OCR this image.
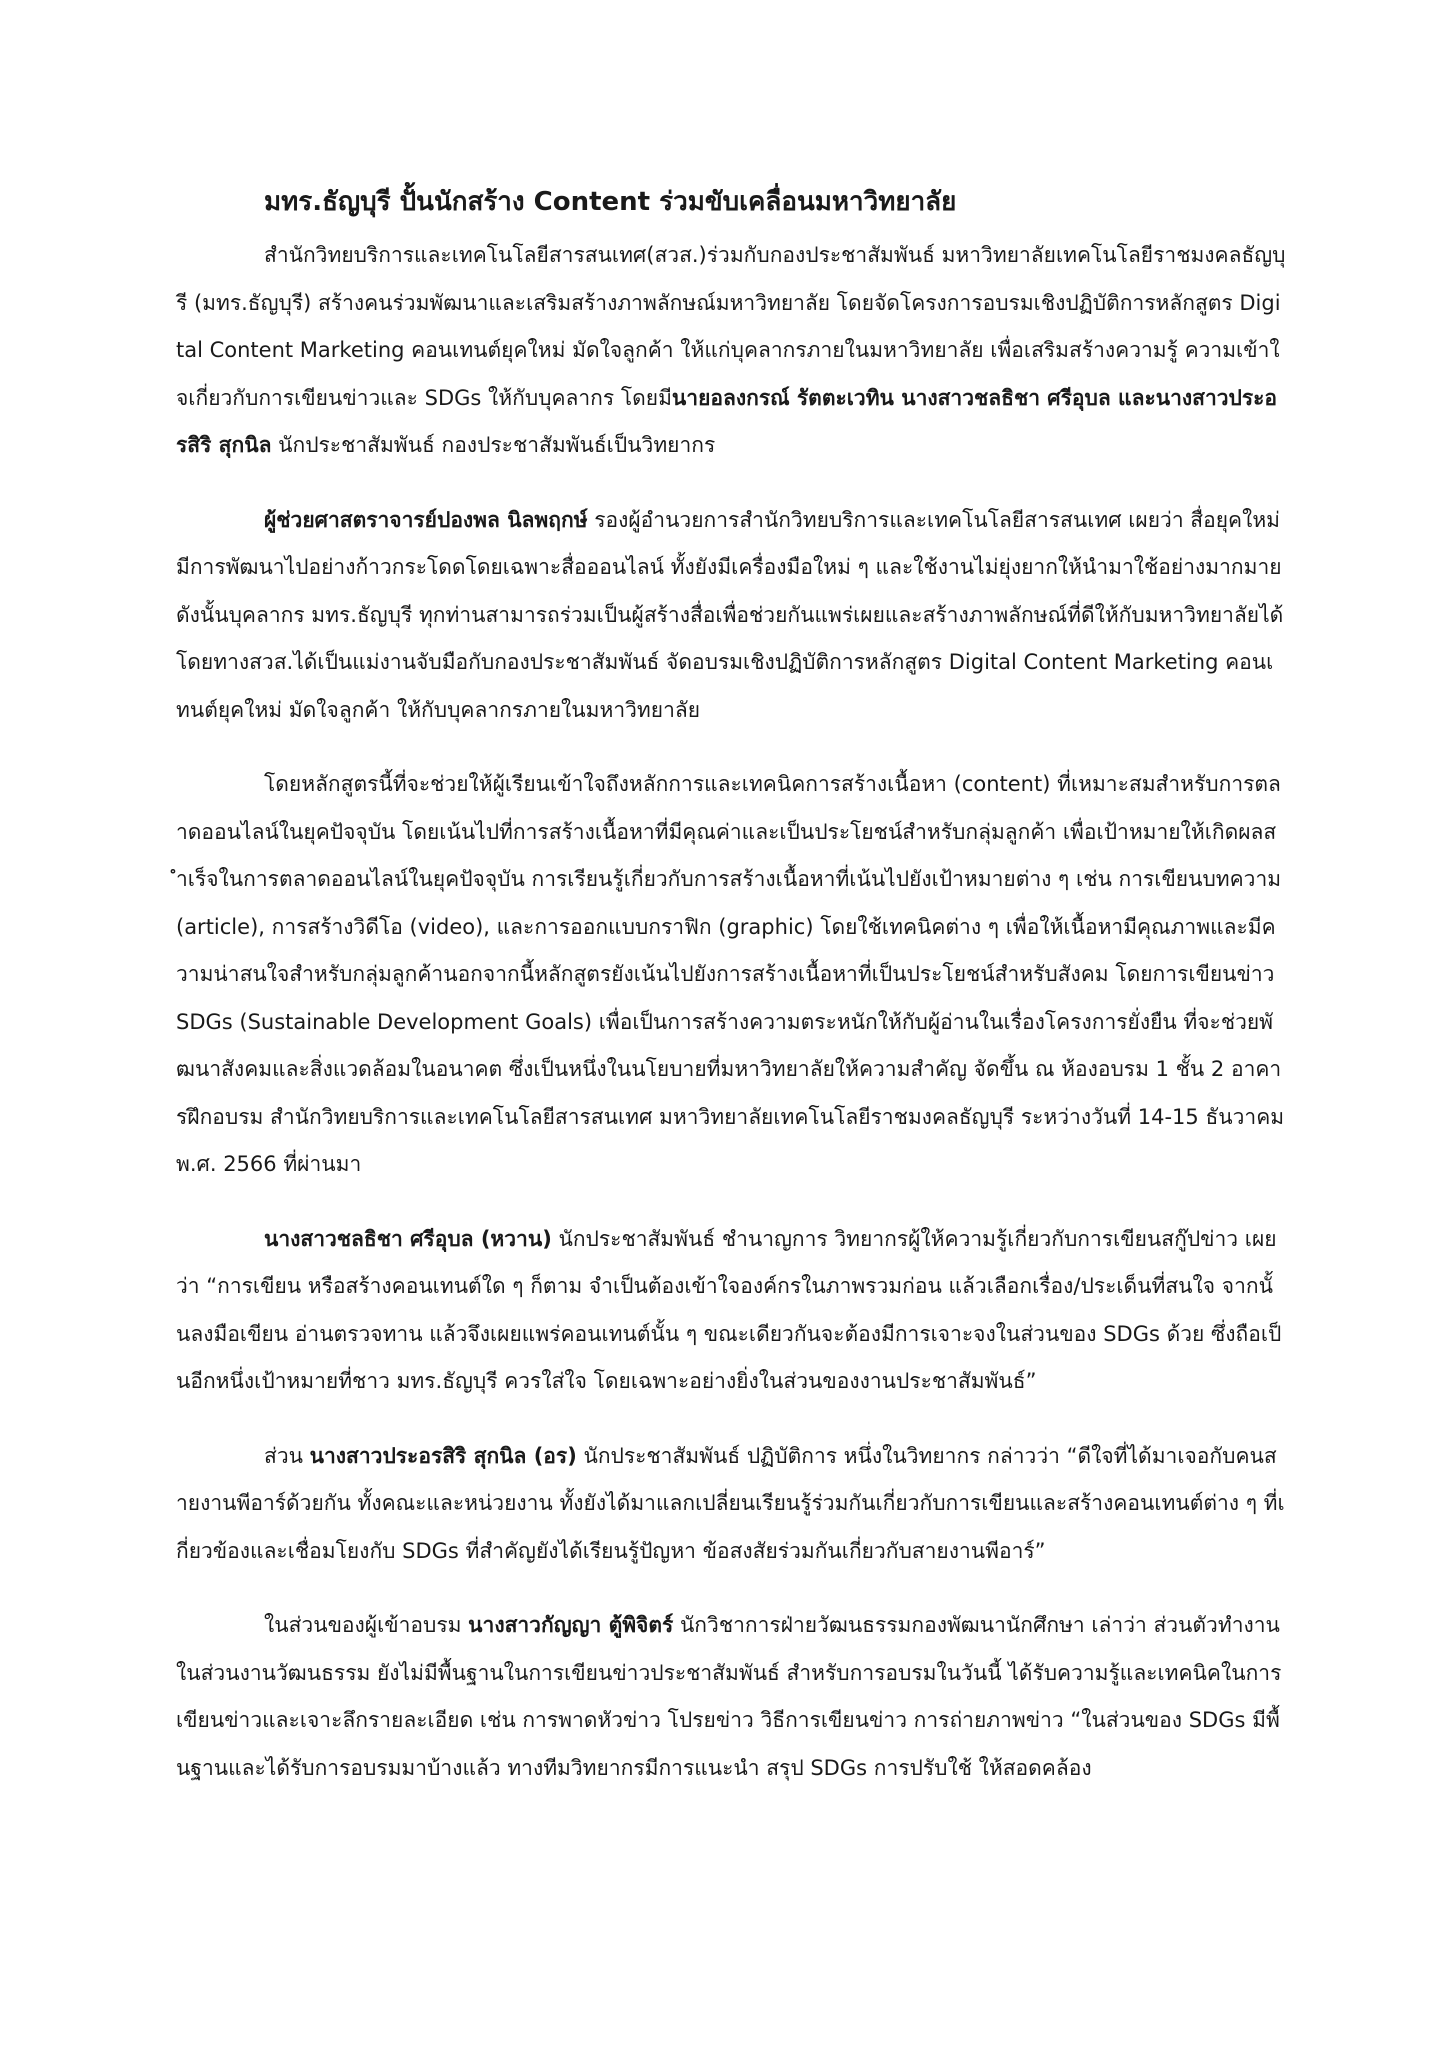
มทร.ธัญบุรี ปั้นนักสร้าง Content ร่วมขับเคลื่อนมหาวิทยาลัย

สำนักวิทยบริการและเทคโนโลยีสารสนเทศ(สวส.)ร่วมกับกองประชาสัมพันธ์ มหาวิทยาลัยเทคโนโลยีราชมงคลธัญบุรี (มทร.ธัญบุรี) สร้างคนร่วมพัฒนาและเสริมสร้างภาพลักษณ์มหาวิทยาลัย โดยจัดโครงการอบรมเชิงปฏิบัติการหลักสูตร Digital Content Marketing คอนเทนต์ยุคใหม่ มัดใจลูกค้า ให้แก่บุคลากรภายในมหาวิทยาลัย เพื่อเสริมสร้างความรู้ ความเข้าใจเกี่ยวกับการเขียนข่าวและ SDGs ให้กับบุคลากร โดยมีนายอลงกรณ์ รัตตะเวทิน นางสาวชลธิชา ศรีอุบล และนางสาวประอรสิริ สุกนิล นักประชาสัมพันธ์ กองประชาสัมพันธ์เป็นวิทยากร

ผู้ช่วยศาสตราจารย์ปองพล นิลพฤกษ์ รองผู้อำนวยการสำนักวิทยบริการและเทคโนโลยีสารสนเทศ เผยว่า สื่อยุคใหม่มีการพัฒนาไปอย่างก้าวกระโดดโดยเฉพาะสื่อออนไลน์ ทั้งยังมีเครื่องมือใหม่ ๆ และใช้งานไม่ยุ่งยากให้นำมาใช้อย่างมากมาย ดังนั้นบุคลากร มทร.ธัญบุรี ทุกท่านสามารถร่วมเป็นผู้สร้างสื่อเพื่อช่วยกันแพร่เผยและสร้างภาพลักษณ์ที่ดีให้กับมหาวิทยาลัยได้โดยทางสวส.ได้เป็นแม่งานจับมือกับกองประชาสัมพันธ์ จัดอบรมเชิงปฏิบัติการหลักสูตร Digital Content Marketing คอนเทนต์ยุคใหม่ มัดใจลูกค้า ให้กับบุคลากรภายในมหาวิทยาลัย

โดยหลักสูตรนี้ที่จะช่วยให้ผู้เรียนเข้าใจถึงหลักการและเทคนิคการสร้างเนื้อหา (content) ที่เหมาะสมสำหรับการตลาดออนไลน์ในยุคปัจจุบัน โดยเน้นไปที่การสร้างเนื้อหาที่มีคุณค่าและเป็นประโยชน์สำหรับกลุ่มลูกค้า เพื่อเป้าหมายให้เกิดผลสำเร็จในการตลาดออนไลน์ในยุคปัจจุบัน การเรียนรู้เกี่ยวกับการสร้างเนื้อหาที่เน้นไปยังเป้าหมายต่าง ๆ เช่น การเขียนบทความ (article), การสร้างวิดีโอ (video), และการออกแบบกราฟิก (graphic) โดยใช้เทคนิคต่าง ๆ เพื่อให้เนื้อหามีคุณภาพและมีความน่าสนใจสำหรับกลุ่มลูกค้านอกจากนี้หลักสูตรยังเน้นไปยังการสร้างเนื้อหาที่เป็นประโยชน์สำหรับสังคม โดยการเขียนข่าว SDGs (Sustainable Development Goals) เพื่อเป็นการสร้างความตระหนักให้กับผู้อ่านในเรื่องโครงการยั่งยืน ที่จะช่วยพัฒนาสังคมและสิ่งแวดล้อมในอนาคต ซึ่งเป็นหนึ่งในนโยบายที่มหาวิทยาลัยให้ความสำคัญ จัดขึ้น ณ ห้องอบรม 1 ชั้น 2 อาคารฝึกอบรม สำนักวิทยบริการและเทคโนโลยีสารสนเทศ มหาวิทยาลัยเทคโนโลยีราชมงคลธัญบุรี ระหว่างวันที่ 14-15 ธันวาคม พ.ศ. 2566 ที่ผ่านมา

นางสาวชลธิชา ศรีอุบล (หวาน) นักประชาสัมพันธ์ ชำนาญการ วิทยากรผู้ให้ความรู้เกี่ยวกับการเขียนสกู๊ปข่าว เผยว่า “การเขียน หรือสร้างคอนเทนต์ใด ๆ ก็ตาม จำเป็นต้องเข้าใจองค์กรในภาพรวมก่อน แล้วเลือกเรื่อง/ประเด็นที่สนใจ จากนั้นลงมือเขียน อ่านตรวจทาน แล้วจึงเผยแพร่คอนเทนต์นั้น ๆ ขณะเดียวกันจะต้องมีการเจาะจงในส่วนของ SDGs ด้วย ซึ่งถือเป็นอีกหนึ่งเป้าหมายที่ชาว มทร.ธัญบุรี ควรใส่ใจ โดยเฉพาะอย่างยิ่งในส่วนของงานประชาสัมพันธ์”

ส่วน นางสาวประอรสิริ สุกนิล (อร) นักประชาสัมพันธ์ ปฏิบัติการ หนึ่งในวิทยากร กล่าวว่า “ดีใจที่ได้มาเจอกับคนสายงานพีอาร์ด้วยกัน ทั้งคณะและหน่วยงาน ทั้งยังได้มาแลกเปลี่ยนเรียนรู้ร่วมกันเกี่ยวกับการเขียนและสร้างคอนเทนต์ต่าง ๆ ที่เกี่ยวข้องและเชื่อมโยงกับ SDGs ที่สำคัญยังได้เรียนรู้ปัญหา ข้อสงสัยร่วมกันเกี่ยวกับสายงานพีอาร์”

ในส่วนของผู้เข้าอบรม นางสาวกัญญา ตู้พิจิตร์ นักวิชาการฝ่ายวัฒนธรรมกองพัฒนานักศึกษา เล่าว่า ส่วนตัวทำงานในส่วนงานวัฒนธรรม ยังไม่มีพื้นฐานในการเขียนข่าวประชาสัมพันธ์ สำหรับการอบรมในวันนี้ ได้รับความรู้และเทคนิคในการเขียนข่าวและเจาะลึกรายละเอียด เช่น การพาดหัวข่าว โปรยข่าว วิธีการเขียนข่าว การถ่ายภาพข่าว “ในส่วนของ SDGs มีพื้นฐานและได้รับการอบรมมาบ้างแล้ว ทางทีมวิทยากรมีการแนะนำ สรุป SDGs การปรับใช้ ให้สอดคล้อง
